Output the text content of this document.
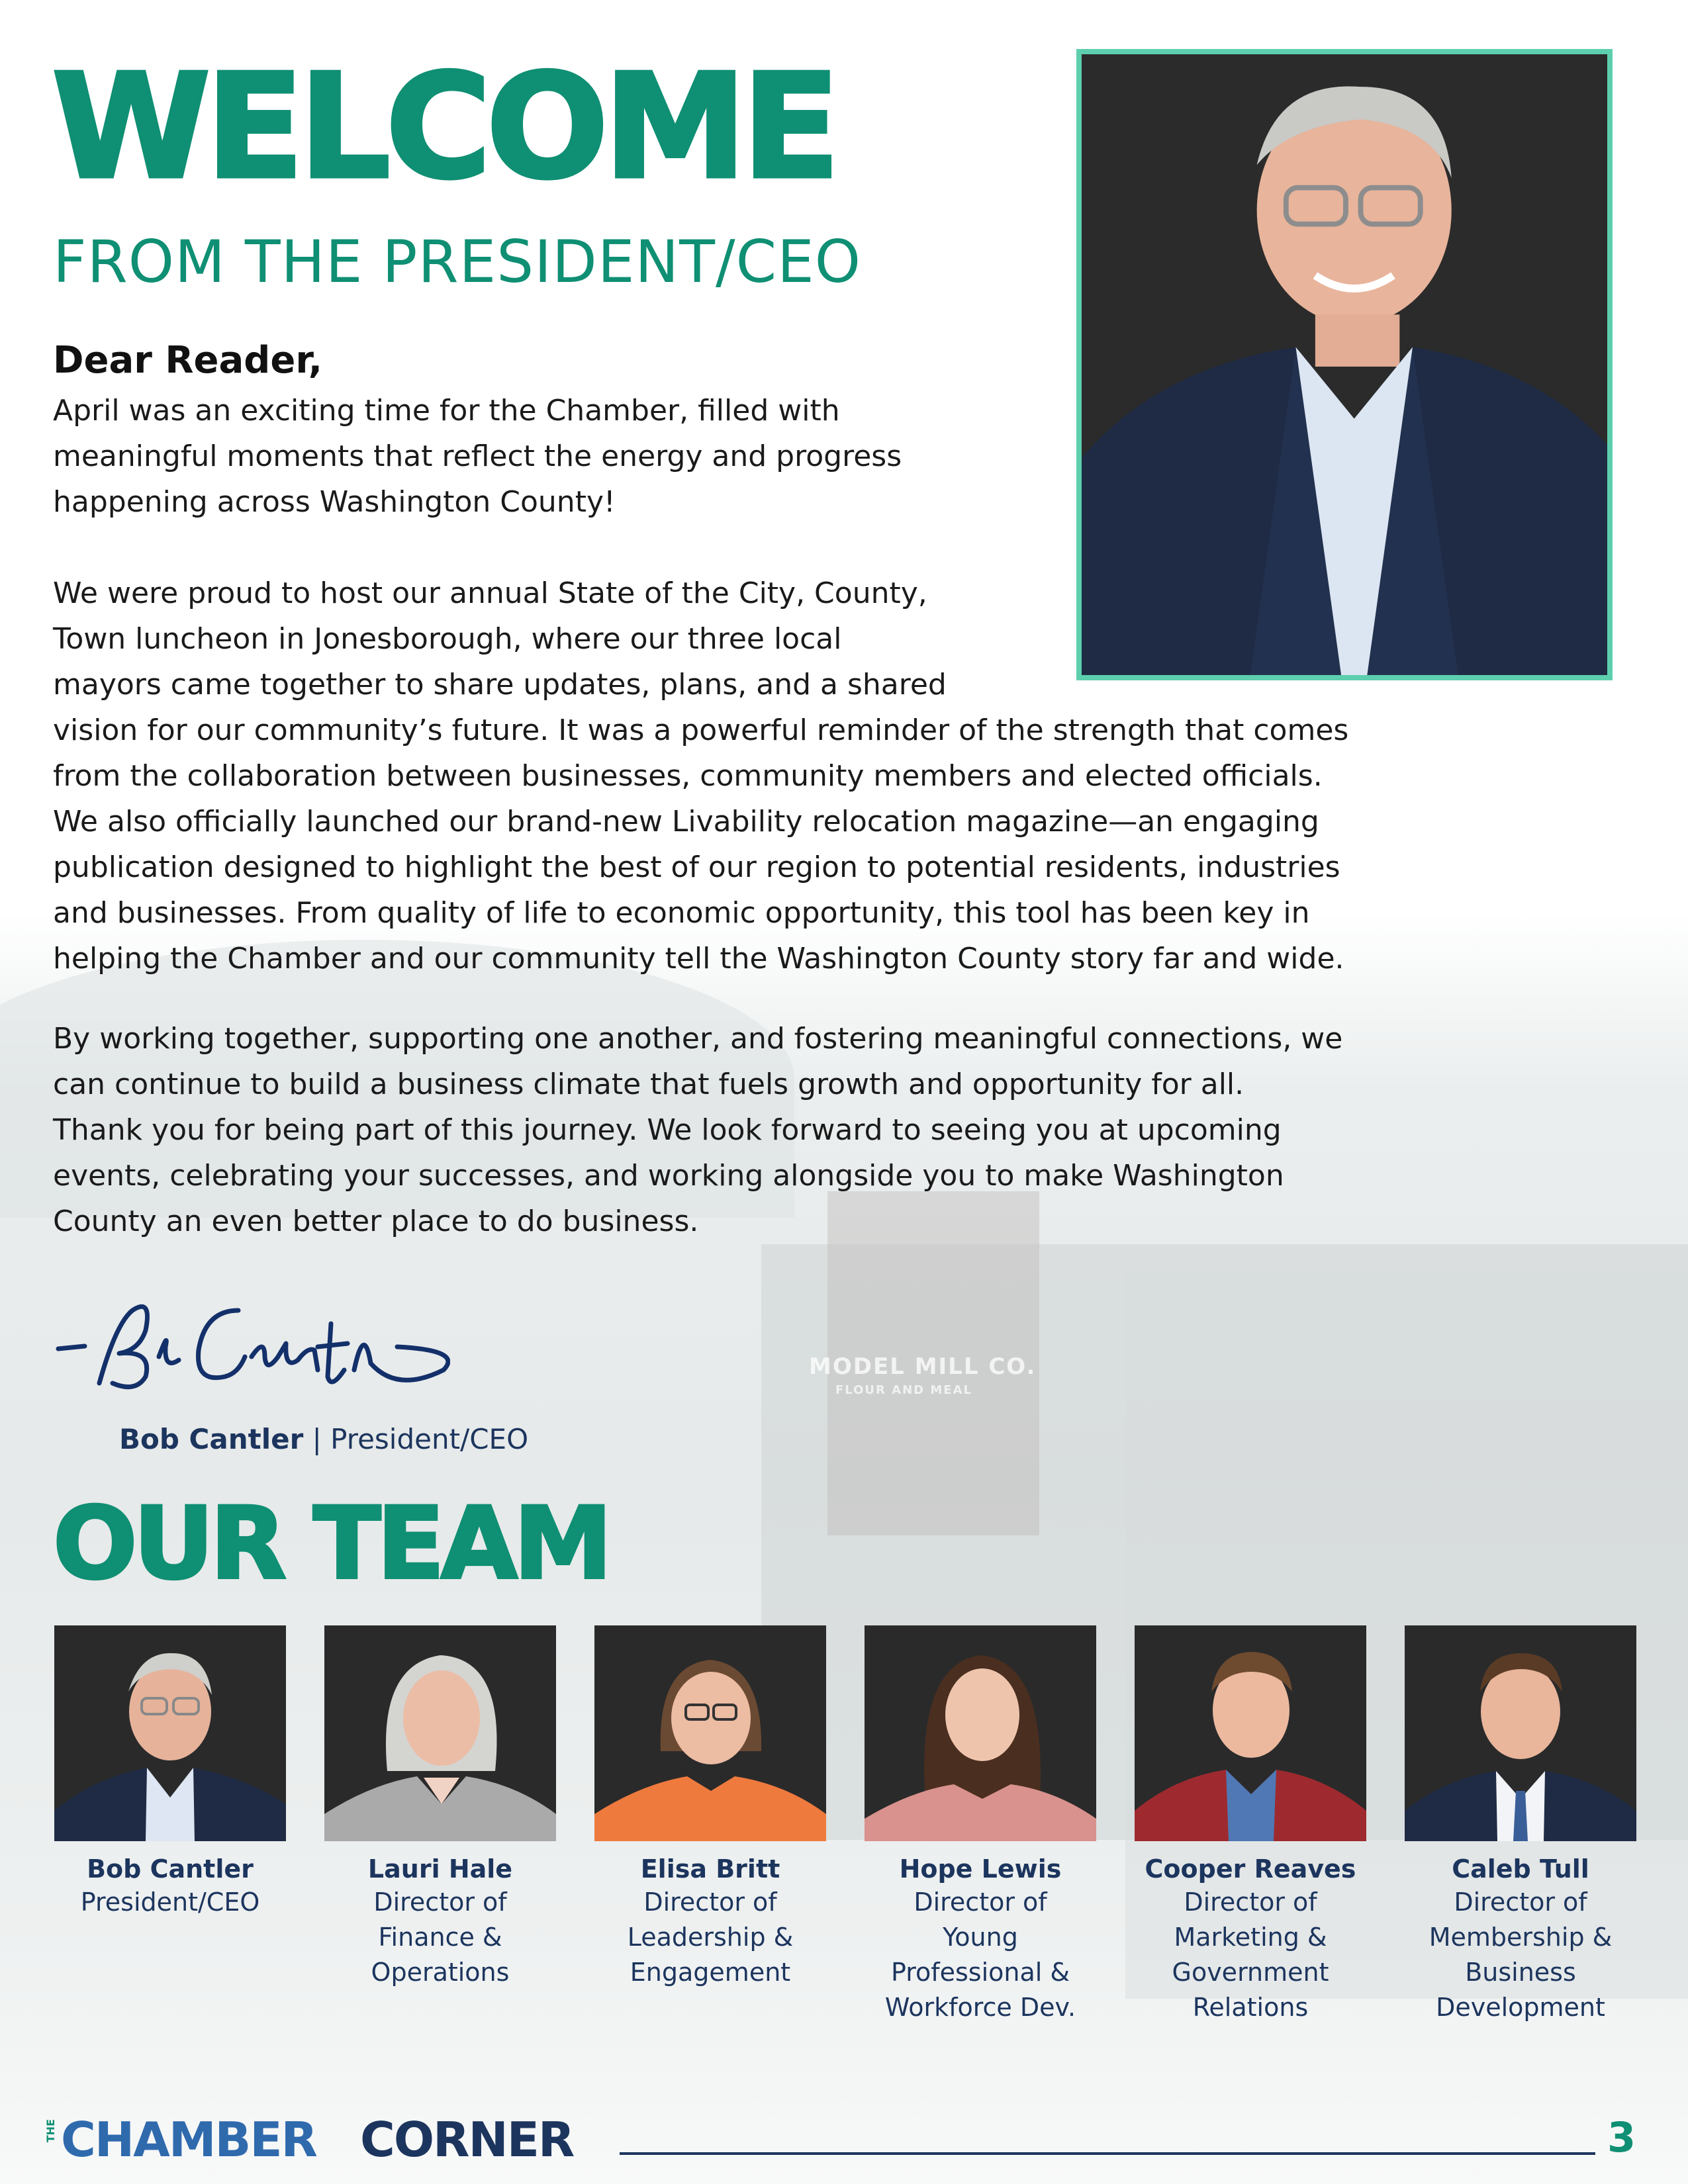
MODEL MILL CO.
FLOUR AND MEAL
WELCOME
FROM THE PRESIDENT/CEO
Dear Reader,

April was an exciting time for the Chamber, filled with
meaningful moments that reflect the energy and progress
happening across Washington County!

We were proud to host our annual State of the City, County,
Town luncheon in Jonesborough, where our three local
mayors came together to share updates, plans, and a shared
vision for our community’s future. It was a powerful reminder of the strength that comes
from the collaboration between businesses, community members and elected officials.
We also officially launched our brand-new Livability relocation magazine—an engaging
publication designed to highlight the best of our region to potential residents, industries
and businesses. From quality of life to economic opportunity, this tool has been key in
helping the Chamber and our community tell the Washington County story far and wide.

By working together, supporting one another, and fostering meaningful connections, we
can continue to build a business climate that fuels growth and opportunity for all.
Thank you for being part of this journey. We look forward to seeing you at upcoming
events, celebrating your successes, and working alongside you to make Washington
County an even better place to do business.

Bob Cantler | President/CEO
OUR TEAM
Bob Cantler
President/CEO
Lauri Hale
Director of
Finance &
Operations
Elisa Britt
Director of
Leadership &
Engagement
Hope Lewis
Director of
Young
Professional &
Workforce Dev.
Cooper Reaves
Director of
Marketing &
Government
Relations
Caleb Tull
Director of
Membership &
Business
Development
THE CHAMBER CORNER	3
